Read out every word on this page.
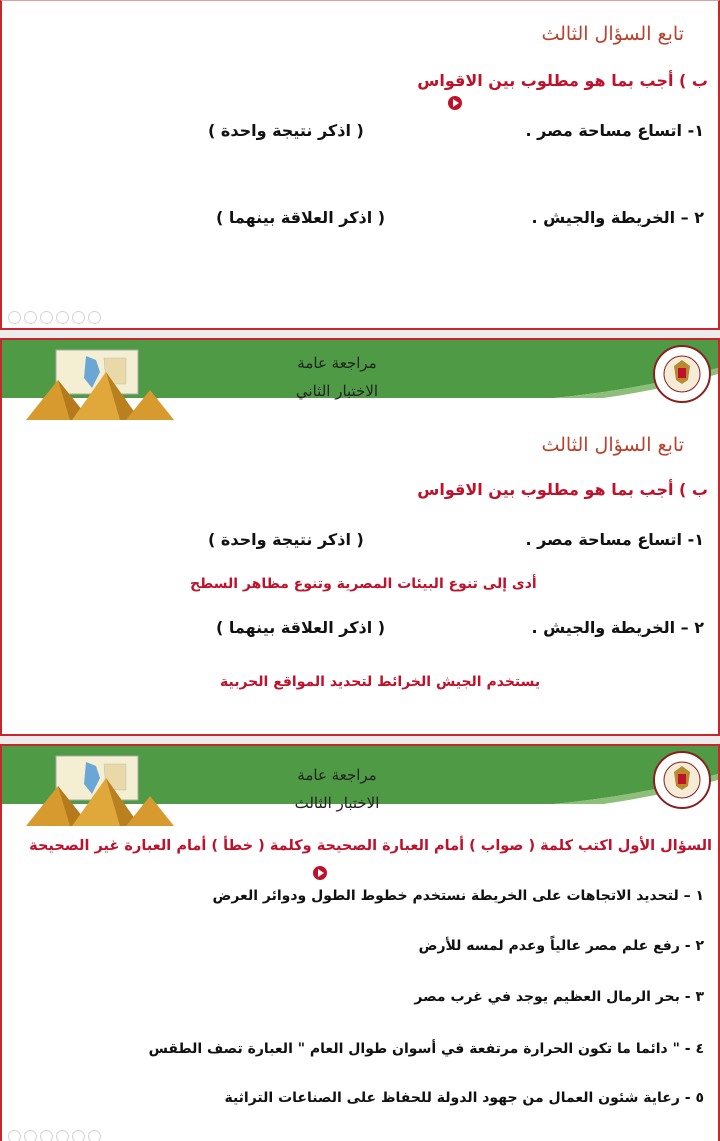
تابع السؤال الثالث
ب ) أجب بما هو مطلوب بين الاقواس
١- اتساع مساحة مصر .
( اذكر نتيجة واحدة )
٢ – الخريطة والجيش .
( اذكر العلاقة بينهما )
مراجعة عامة
الاختبار الثاني
تابع السؤال الثالث
ب ) أجب بما هو مطلوب بين الاقواس
١- اتساع مساحة مصر .
( اذكر نتيجة واحدة )
أدى إلى تنوع البيئات المصرية وتنوع مظاهر السطح
٢ – الخريطة والجيش .
( اذكر العلاقة بينهما )
يستخدم الجيش الخرائط لتحديد المواقع الحربية
مراجعة عامة
الاختبار الثالث
السؤال الأول اكتب كلمة ( صواب ) أمام العبارة الصحيحة وكلمة ( خطأ ) أمام العبارة غير الصحيحة
١ – لتحديد الاتجاهات على الخريطة نستخدم خطوط الطول ودوائر العرض
٢ - رفع علم مصر عالياً وعدم لمسه للأرض
٣ - بحر الرمال العظيم يوجد في غرب مصر
٤ - " دائما ما تكون الحرارة مرتفعة في أسوان طوال العام " العبارة تصف الطقس
٥ - رعاية شئون العمال من جهود الدولة للحفاظ على الصناعات التراثية
